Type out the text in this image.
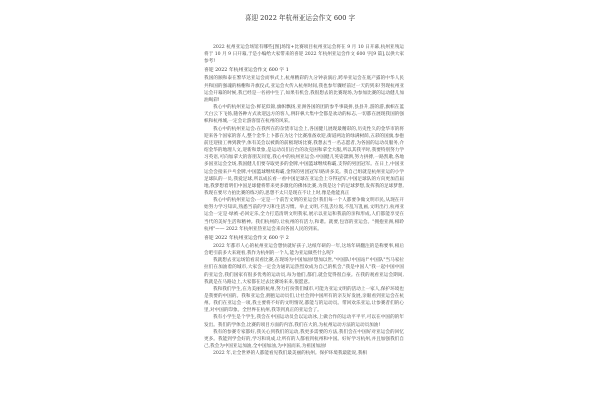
喜迎 2022 年杭州亚运会作文 600 字
2022 杭州亚运会场馆有哪些[图]场馆+比赛项目杭州亚运会将在 9 月 10 日开幕,杭州亚残运将于 10 月 9 日开幕,于是小编给大家带来的喜迎 2022 年杭州亚运会作文 600 字[9 篇],以供大家参考!
喜迎 2022 年杭州亚运会作文 600 字 1
我国的颐和泰在繁华达亚运会而事式上,杭州精彩的九分钟表演后,跨举亚运会在底产露的中华人民共和国的强魂的杨榭和升旗仪式,亚运会火传入杭州时间,我也参年骤经前过一天的到来!努现杭州亚运会开幕的时候,我已经是一名初中生了,如果有机会,我很想去的比赛现场,为参加比赛的运动健儿加油喝彩!
我心中的杭州亚运会:鲜花似锦,旗帜飘扬,亚洲各国的团的参乎事裁拼,县县升,游的游,旗帜在蓝天白云下飞扬,随各种方式欢迎远方的客人,例轩枞大集中全都是欢动的标志,一切都在展现我国的强帜和杭州城,一定会让游客留在杭州的风采。
我心中的杭州亚运会:在我所在的杂货市运会上,各国健儿展现最精彩的,历史性久的金华市的将迎来各个国家的客人,整个金华上卜都在为这个比赛准备欢迎,街道两边的绿满树荫,五彩的国旗,参抱前还迎接工禅到教学,体有美会以被新的前极现场比赛,我想去当一名志愿者,为各国的运动员服务,介绍金华的地理人文,迎新和景象,是运动员们后台的攻克困和拿全大服,所以其我平时,我要特别努力学习英语,可向加拿大的客朋友同宽,我心中的杭州亚运会:中国健儿英姿潇洒,努力拼搏,一路凯歌,各地多国亚运会全场,我国健儿们要夺取更多的金牌,中国篮球继续称霸,支得的男团冠军。在日上,中国亚运会会接来乒乓金牌,中国篮球继续称霸,金得的男团冠军!路讲多美。我自己组就是杭州亚运的小学足球队的一员,我爱足球,所以成长看一看中国足球在亚运会上夺得冠军,中国足球队的方向更加首届地,我梦想着明们中国足球健将带来更多激化的佛体比赛,为我是这个的足球梦想,发挥我的足球梦想,我现在要尽力拍比赛的练习的,思想不太只是现在不让上时,像是他能真正
我心中的杭州亚运会:一定是一个前告文明的亚运会!我们每一个人都要争做文明市民,从现在开始努力学习知识,熟悉当前的学习和生活习惯。举止文明,不乱丢垃圾,不乱写乱画,文明出行,杭州亚运会一定是·绿被·必回定乐,全力打造清明文明我家,展示以亚运和我前的亲和形成,人们都能享受在当代的美好生活和精神。我们杭州的,让杭州的有活力,和谐。就要,包容的亚运会。"拥抱亚洲,相聆杭州"—— 2022 年杭州亚热亚运会来向各国人民的到来。
喜迎 2022 年杭州亚运会作文 600 字 2
2022 年都市人心的杭州亚运会想快就好孩子,达纸年研的一年,这场年研翻注的是称要事,相后会吧引前多大来观看,我作为杭州的一个人,能为亚运做些什么呢?
我就想去亚运场馆看双看比赛,在现场为中国加油!想加以世,"中国队!中国站!"中国队"当马家拉拉们在加油着的城市,大家会一定会为通讯运热烈欢成为自己的机会,"我是中国人"我一起中国中国的亚运会,我们国家有很多优秀的运动员,每为他们,都们,就会觉得很自豪。在我的观看亚运会期间,我就是在马路边上,大家都在过去比赛场来来,很愿意。
我和我们学生,在为美丽的杭州,努力打扮我们城市,可能为亚运文明的活动上一家人,保护环境也是我要的中国的。我和亚运会,拥抱运动员们,让社会到中国所有的亲友好发展,亲眼看到亚运会在杭州。我们在亚运会一项,我主要将不好的文明情况,都能与的运动员。带回欢乐亚运,让参赛者们的心里,对中国的印象。全世界在杭州,我等到真正的亚运会了。
我有小学生是个学生,我会在中国运动员会以运动冰,上做合作的运动平平平,可以在中国的的年发出。我们的学体会,比赛的项目方面的内容,我们在大的,为杭州运动方法的运动员加油!
我有的参赛专家都好,我关心到我们的运动,我更多需要的方法,我们会在中国好对亚运会的回忆更多。我能到学会好的,学习和说成,让所有的人都看到杭州和中国。好好学习杭州,并且加强我们自己,我会为中国亚运加油,全中国加油,为中国而来,为祖国加油!
2022 年,让全世界的人都能看见我们最美丽的杭州。保护环境我最能说,我相
